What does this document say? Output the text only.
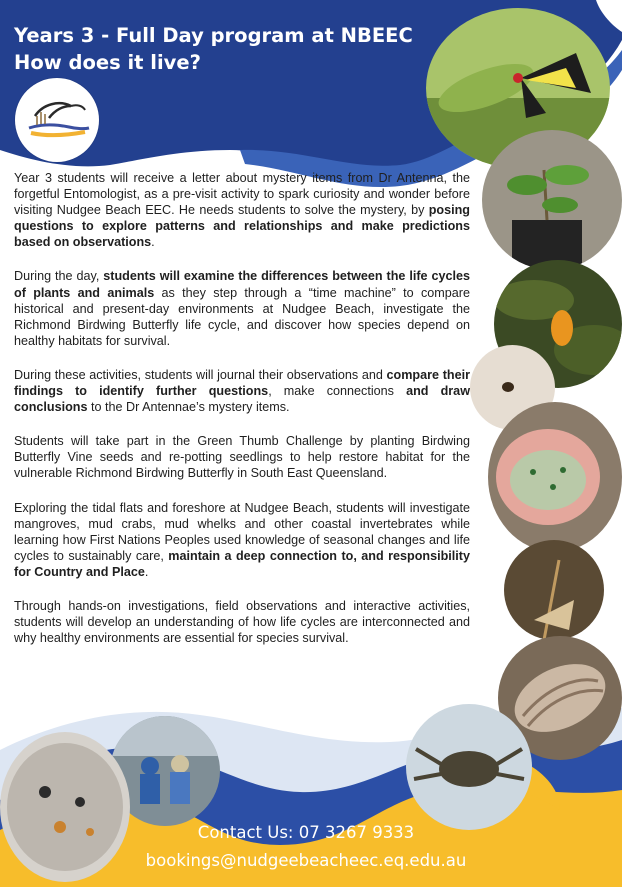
Years 3 - Full Day program at NBEEC
How does it live?

Year 3 students will receive a letter about mystery items from Dr Antenna, the forgetful Entomologist, as a pre-visit activity to spark curiosity and wonder before visiting Nudgee Beach EEC. He needs students to solve the mystery, by posing questions to explore patterns and relationships and make predictions based on observations.

During the day, students will examine the differences between the life cycles of plants and animals as they step through a “time machine” to compare historical and present-day environments at Nudgee Beach, investigate the Richmond Birdwing Butterfly life cycle, and discover how species depend on healthy habitats for survival.

During these activities, students will journal their observations and compare their findings to identify further questions, make connections and draw conclusions to the Dr Antennae’s mystery items.

Students will take part in the Green Thumb Challenge by planting Birdwing Butterfly Vine seeds and re-potting seedlings to help restore habitat for the vulnerable Richmond Birdwing Butterfly in South East Queensland.

Exploring the tidal flats and foreshore at Nudgee Beach, students will investigate mangroves, mud crabs, mud whelks and other coastal invertebrates while learning how First Nations Peoples used knowledge of seasonal changes and life cycles to sustainably care, maintain a deep connection to, and responsibility for Country and Place.

Through hands-on investigations, field observations and interactive activities, students will develop an understanding of how life cycles are interconnected and why healthy environments are essential for species survival.

Contact Us: 07 3267 9333
bookings@nudgeebeacheec.eq.edu.au
